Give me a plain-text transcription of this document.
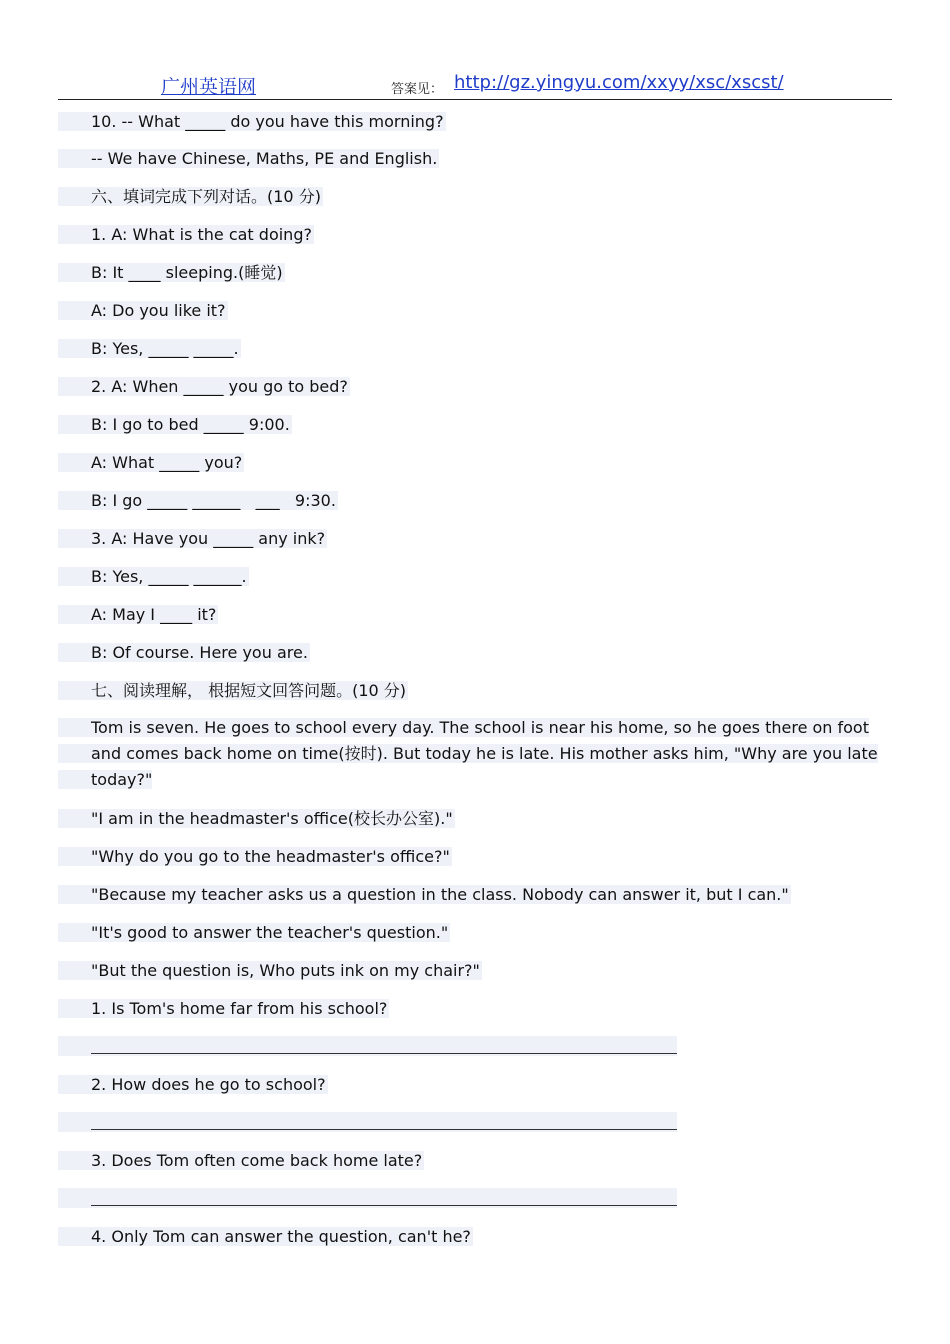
广州英语网	答案见： http://gz.yingyu.com/xxyy/xsc/xscst/
10. -- What _____ do you have this morning?
-- We have Chinese, Maths, PE and English.
六、填词完成下列对话。(10 分)
1. A: What is the cat doing?
B: It ____ sleeping.(睡觉)
A: Do you like it?
B: Yes, _____ _____.
2. A: When _____ you go to bed?
B: I go to bed _____ 9:00.
A: What _____ you?
B: I go _____ ______   ___   9:30.
3. A: Have you _____ any ink?
B: Yes, _____ ______.
A: May I ____ it?
B: Of course. Here you are.
七、阅读理解， 根据短文回答问题。(10 分)
Tom is seven. He goes to school every day. The school is near his home, so he goes there on foot and comes back home on time(按时). But today he is late. His mother asks him, "Why are you late today?"
"I am in the headmaster's office(校长办公室)."
"Why do you go to the headmaster's office?"
"Because my teacher asks us a question in the class. Nobody can answer it, but I can."
"It's good to answer the teacher's question."
"But the question is, Who puts ink on my chair?"
1. Is Tom's home far from his school?
2. How does he go to school?
3. Does Tom often come back home late?
4. Only Tom can answer the question, can't he?
